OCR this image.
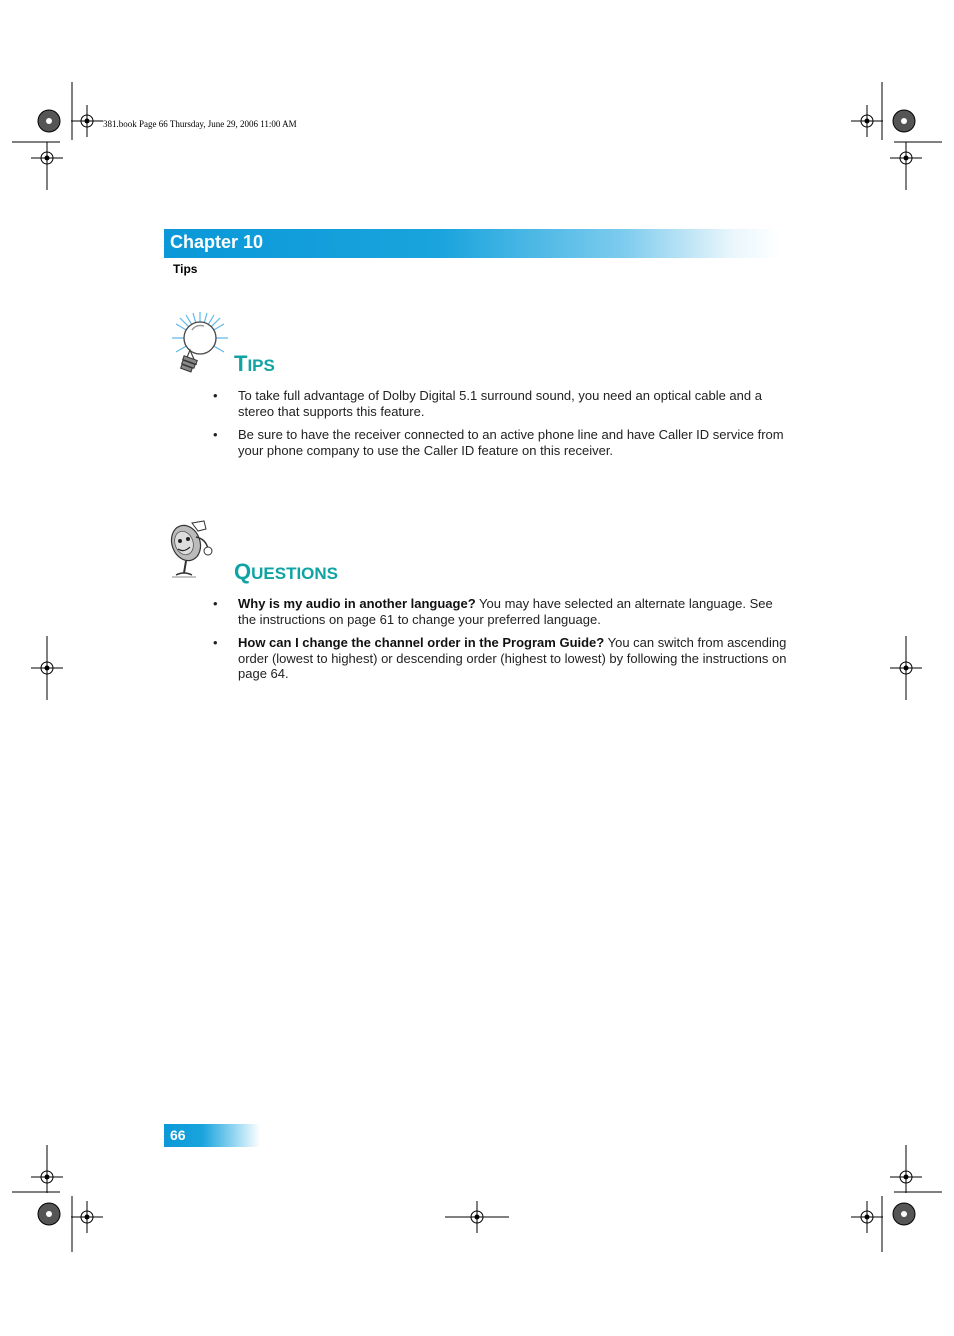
381.book Page 66 Thursday, June 29, 2006 11:00 AM
Chapter 10
Tips
TIPS
• To take full advantage of Dolby Digital 5.1 surround sound, you need an optical cable and a stereo that supports this feature.
• Be sure to have the receiver connected to an active phone line and have Caller ID service from your phone company to use the Caller ID feature on this receiver.
QUESTIONS
• Why is my audio in another language? You may have selected an alternate language. See the instructions on page 61 to change your preferred language.
• How can I change the channel order in the Program Guide? You can switch from ascending order (lowest to highest) or descending order (highest to lowest) by following the instructions on page 64.
66
